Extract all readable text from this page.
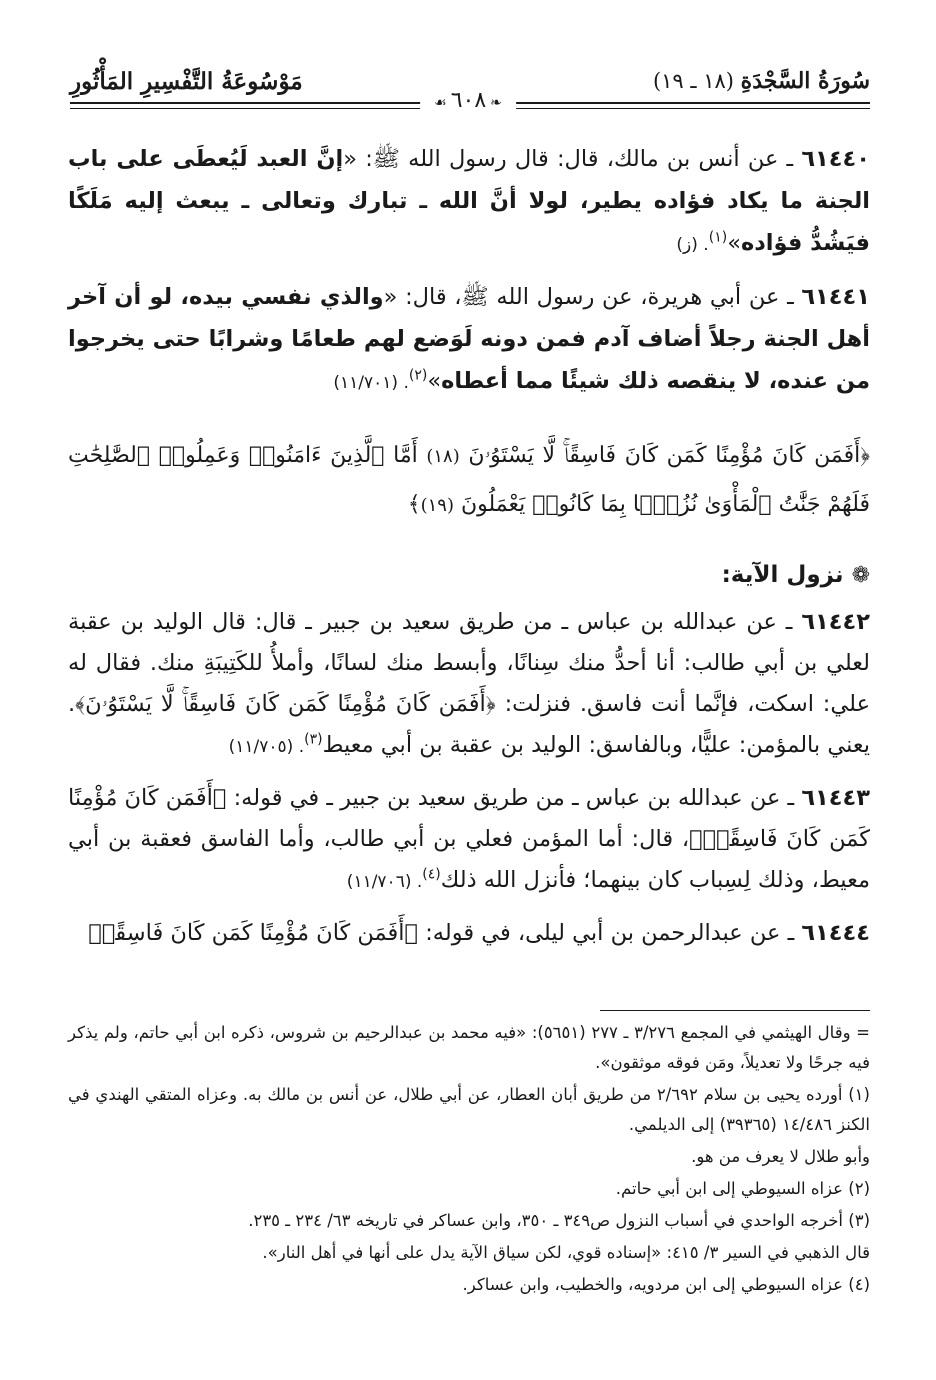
سُورَةُ السَّجْدَةِ (١٨ ـ ١٩)
مَوْسُوعَةُ التَّفْسِيرِ المَأْثُورِ
❧٦٠٨☙

٦١٤٤٠ ـ عن أنس بن مالك، قال: قال رسول الله ﷺ: «إنَّ العبد لَيُعطَى على باب الجنة ما يكاد فؤاده يطير، لولا أنَّ الله ـ تبارك وتعالى ـ يبعث إليه مَلَكًا فيَشُدُّ فؤاده»$^{(١)}$. (ز)

٦١٤٤١ ـ عن أبي هريرة، عن رسول الله ﷺ، قال: «والذي نفسي بيده، لو أن آخر أهل الجنة رجلاً أضاف آدم فمن دونه لَوَضع لهم طعامًا وشرابًا حتى يخرجوا من عنده، لا ينقصه ذلك شيئًا مما أعطاه»$^{(٢)}$. (١١/٧٠١)

﴿أَفَمَن كَانَ مُؤْمِنًا كَمَن كَانَ فَاسِقًاۚ لَّا يَسْتَوُۥنَ (١٨) أَمَّا ٱلَّذِينَ ءَامَنُوا۟ وَعَمِلُوا۟ ٱلصَّٰلِحَٰتِ فَلَهُمْ جَنَّٰتُ ٱلْمَأْوَىٰ نُزُلًۢا بِمَا كَانُوا۟ يَعْمَلُونَ (١٩)﴾
❁نزول الآية:

٦١٤٤٢ ـ عن عبدالله بن عباس ـ من طريق سعيد بن جبير ـ قال: قال الوليد بن عقبة لعلي بن أبي طالب: أنا أحدُّ منك سِنانًا، وأبسط منك لسانًا، وأملأُ للكَتِيبَةِ منك. فقال له علي: اسكت، فإنَّما أنت فاسق. فنزلت: ﴿أَفَمَن كَانَ مُؤْمِنًا كَمَن كَانَ فَاسِقًاۚ لَّا يَسْتَوُۥنَ﴾. يعني بالمؤمن: عليًّا، وبالفاسق: الوليد بن عقبة بن أبي معيط$^{(٣)}$. (١١/٧٠٥)

٦١٤٤٣ ـ عن عبدالله بن عباس ـ من طريق سعيد بن جبير ـ في قوله: ﴿أَفَمَن كَانَ مُؤْمِنًا كَمَن كَانَ فَاسِقًاۚ﴾، قال: أما المؤمن فعلي بن أبي طالب، وأما الفاسق فعقبة بن أبي معيط، وذلك لِسِباب كان بينهما؛ فأنزل الله ذلك$^{(٤)}$. (١١/٧٠٦)

٦١٤٤٤ ـ عن عبدالرحمن بن أبي ليلى، في قوله: ﴿أَفَمَن كَانَ مُؤْمِنًا كَمَن كَانَ فَاسِقًاۚ

= وقال الهيثمي في المجمع ٣/٢٧٦ ـ ٢٧٧ (٥٦٥١): «فيه محمد بن عبدالرحيم بن شروس، ذكره ابن أبي حاتم، ولم يذكر فيه جرحًا ولا تعديلاً، ومَن فوقه موثقون».

(١) أورده يحيى بن سلام ٢/٦٩٢ من طريق أبان العطار، عن أبي طلال، عن أنس بن مالك به. وعزاه المتقي الهندي في الكنز ١٤/٤٨٦ (٣٩٣٦٥) إلى الديلمي.

وأبو طلال لا يعرف من هو.

(٢) عزاه السيوطي إلى ابن أبي حاتم.

(٣) أخرجه الواحدي في أسباب النزول ص٣٤٩ ـ ٣٥٠، وابن عساكر في تاريخه ٦٣/ ٢٣٤ ـ ٢٣٥.

قال الذهبي في السير ٣/ ٤١٥: «إسناده قوي، لكن سياق الآية يدل على أنها في أهل النار».

(٤) عزاه السيوطي إلى ابن مردويه، والخطيب، وابن عساكر.
